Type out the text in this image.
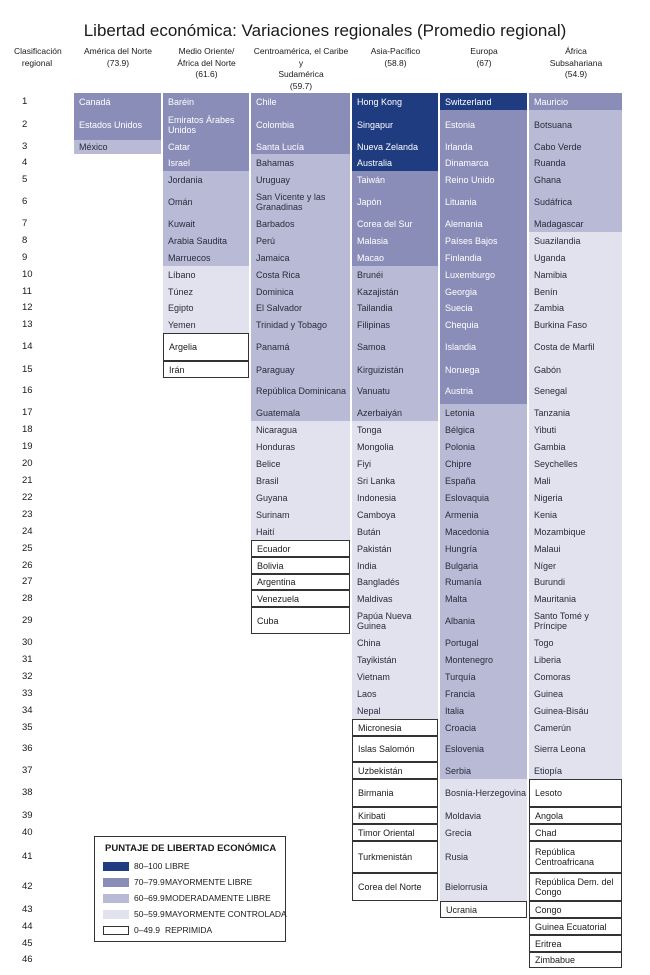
Libertad económica: Variaciones regionales (Promedio regional)
Clasificación
regional
América del Norte
(73.9)
Medio Oriente/
África del Norte
(61.6)
Centroamérica, el Caribe y
Sudamérica
(59.7)
Asia-Pacífico
(58.8)
Europa
(67)
África
Subsahariana
(54.9)
1
2
3
4
5
6
7
8
9
10
11
12
13
14
15
16
17
18
19
20
21
22
23
24
25
26
27
28
29
30
31
32
33
34
35
36
37
38
39
40
41
42
43
44
45
46
Canadá
Estados Unidos
México
Baréin
Emiratos Árabes Unidos
Catar
Israel
Jordania
Omán
Kuwait
Arabia Saudita
Marruecos
Líbano
Túnez
Egipto
Yemen
Argelia
Irán
Chile
Colombia
Santa Lucía
Bahamas
Uruguay
San Vicente y las Granadinas
Barbados
Perú
Jamaica
Costa Rica
Dominica
El Salvador
Trinidad y Tobago
Panamá
Paraguay
República Dominicana
Guatemala
Nicaragua
Honduras
Belice
Brasil
Guyana
Surinam
Haití
Ecuador
Bolivia
Argentina
Venezuela
Cuba
Hong Kong
Singapur
Nueva Zelanda
Australia
Taiwán
Japón
Corea del Sur
Malasia
Macao
Brunéi
Kazajistán
Tailandia
Filipinas
Samoa
Kirguizistán
Vanuatu
Azerbaiyán
Tonga
Mongolia
Fiyi
Sri Lanka
Indonesia
Camboya
Bután
Pakistán
India
Bangladés
Maldivas
Papúa Nueva Guinea
China
Tayikistán
Vietnam
Laos
Nepal
Micronesia
Islas Salomón
Uzbekistán
Birmania
Kiribati
Timor Oriental
Turkmenistán
Corea del Norte
Switzerland
Estonia
Irlanda
Dinamarca
Reino Unido
Lituania
Alemania
Países Bajos
Finlandia
Luxemburgo
Georgia
Suecia
Chequia
Islandia
Noruega
Austria
Letonia
Bélgica
Polonia
Chipre
España
Eslovaquia
Armenia
Macedonia
Hungría
Bulgaria
Rumanía
Malta
Albania
Portugal
Montenegro
Turquía
Francia
Italia
Croacia
Eslovenia
Serbia
Bosnia-Herzegovina
Moldavia
Grecia
Rusia
Bielorrusia
Ucrania
Mauricio
Botsuana
Cabo Verde
Ruanda
Ghana
Sudáfrica
Madagascar
Suazilandia
Uganda
Namibia
Benín
Zambia
Burkina Faso
Costa de Marfil
Gabón
Senegal
Tanzania
Yibuti
Gambia
Seychelles
Mali
Nigeria
Kenia
Mozambique
Malaui
Níger
Burundi
Mauritania
Santo Tomé y Príncipe
Togo
Liberia
Comoras
Guinea
Guinea-Bisáu
Camerún
Sierra Leona
Etiopía
Lesoto
Angola
Chad
República Centroafricana
República Dem. del Congo
Congo
Guinea Ecuatorial
Eritrea
Zimbabue
PUNTAJE DE LIBERTAD ECONÓMICA
80–100 LIBRE
70–79.9 MAYORMENTE LIBRE
60–69.9 MODERADAMENTE LIBRE
50–59.9 MAYORMENTE CONTROLADA
0–49.9 REPRIMIDA
